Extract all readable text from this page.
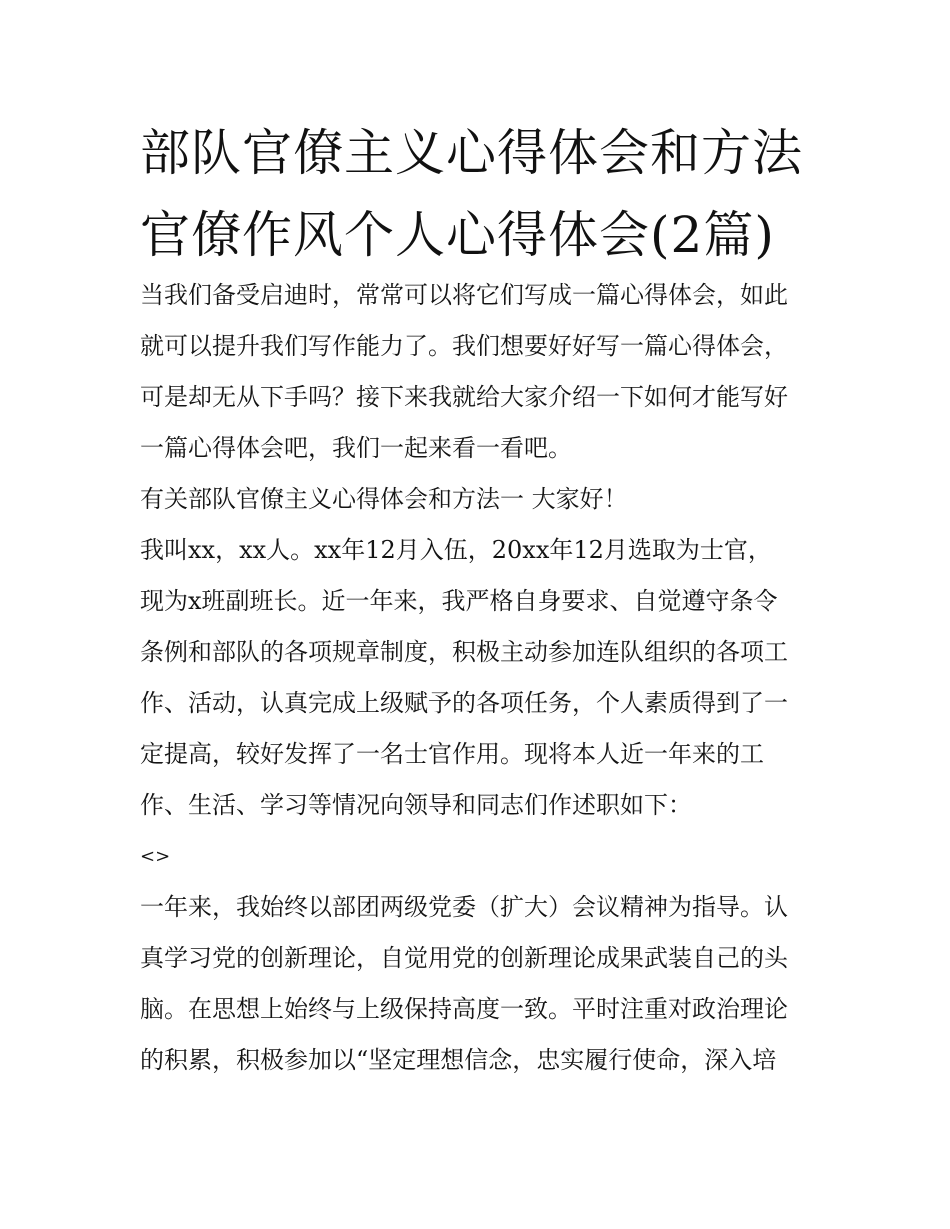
部队官僚主义心得体会和方法
官僚作风个人心得体会(2篇)
当我们备受启迪时，常常可以将它们写成一篇心得体会，如此
就可以提升我们写作能力了。我们想要好好写一篇心得体会，
可是却无从下手吗？接下来我就给大家介绍一下如何才能写好
一篇心得体会吧，我们一起来看一看吧。
有关部队官僚主义心得体会和方法一 大家好！
我叫xx，xx人。xx年12月入伍，20xx年12月选取为士官，
现为x班副班长。近一年来，我严格自身要求、自觉遵守条令
条例和部队的各项规章制度，积极主动参加连队组织的各项工
作、活动，认真完成上级赋予的各项任务，个人素质得到了一
定提高，较好发挥了一名士官作用。现将本人近一年来的工
作、生活、学习等情况向领导和同志们作述职如下：
<>
一年来，我始终以部团两级党委（扩大）会议精神为指导。认
真学习党的创新理论，自觉用党的创新理论成果武装自己的头
脑。在思想上始终与上级保持高度一致。平时注重对政治理论
的积累，积极参加以“坚定理想信念，忠实履行使命，深入培
